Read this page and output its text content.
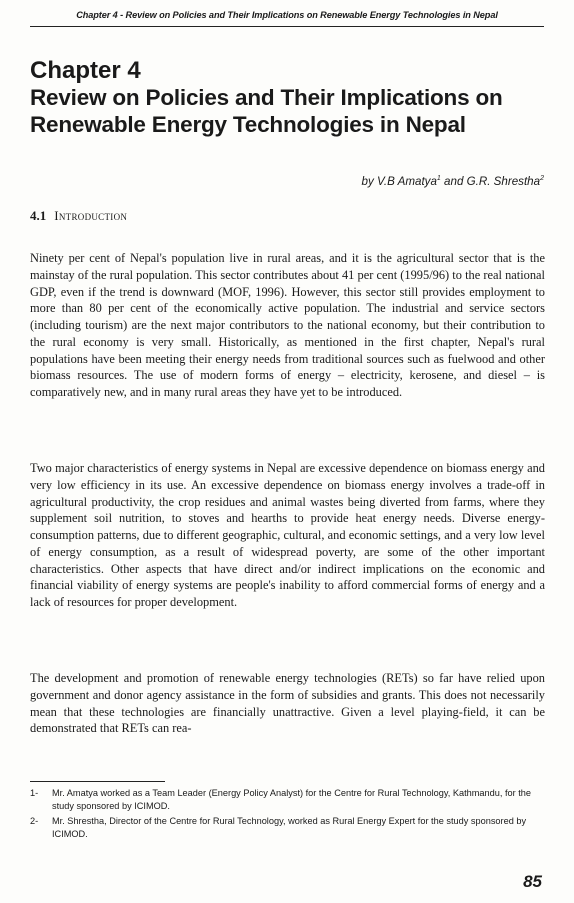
Chapter 4 - Review on Policies and Their Implications on Renewable Energy Technologies in Nepal
Chapter 4
Review on Policies and Their Implications on Renewable Energy Technologies in Nepal
by V.B Amatya$^1$ and G.R. Shrestha$^2$
4.1 Introduction

Ninety per cent of Nepal's population live in rural areas, and it is the agricultural sector that is the mainstay of the rural population. This sector contributes about 41 per cent (1995/96) to the real national GDP, even if the trend is downward (MOF, 1996). However, this sector still provides employment to more than 80 per cent of the economically active population. The industrial and service sectors (including tourism) are the next major contributors to the national economy, but their contribution to the rural economy is very small. Historically, as mentioned in the first chapter, Nepal's rural populations have been meeting their energy needs from traditional sources such as fuelwood and other biomass resources. The use of modern forms of energy – electricity, kerosene, and diesel – is comparatively new, and in many rural areas they have yet to be introduced.

Two major characteristics of energy systems in Nepal are excessive dependence on biomass energy and very low efficiency in its use. An excessive dependence on biomass energy involves a trade-off in agricultural productivity, the crop residues and animal wastes being diverted from farms, where they supplement soil nutrition, to stoves and hearths to provide heat energy needs. Diverse energy-consumption patterns, due to different geographic, cultural, and economic settings, and a very low level of energy consumption, as a result of widespread poverty, are some of the other important characteristics. Other aspects that have direct and/or indirect implications on the economic and financial viability of energy systems are people's inability to afford commercial forms of energy and a lack of resources for proper development.

The development and promotion of renewable energy technologies (RETs) so far have relied upon government and donor agency assistance in the form of subsidies and grants. This does not necessarily mean that these technologies are financially unattractive. Given a level playing-field, it can be demonstrated that RETs can rea-

1-	Mr. Amatya worked as a Team Leader (Energy Policy Analyst) for the Centre for Rural Technology, Kathmandu, for the study sponsored by ICIMOD.
2-	Mr. Shrestha, Director of the Centre for Rural Technology, worked as Rural Energy Expert for the study sponsored by ICIMOD.
85
